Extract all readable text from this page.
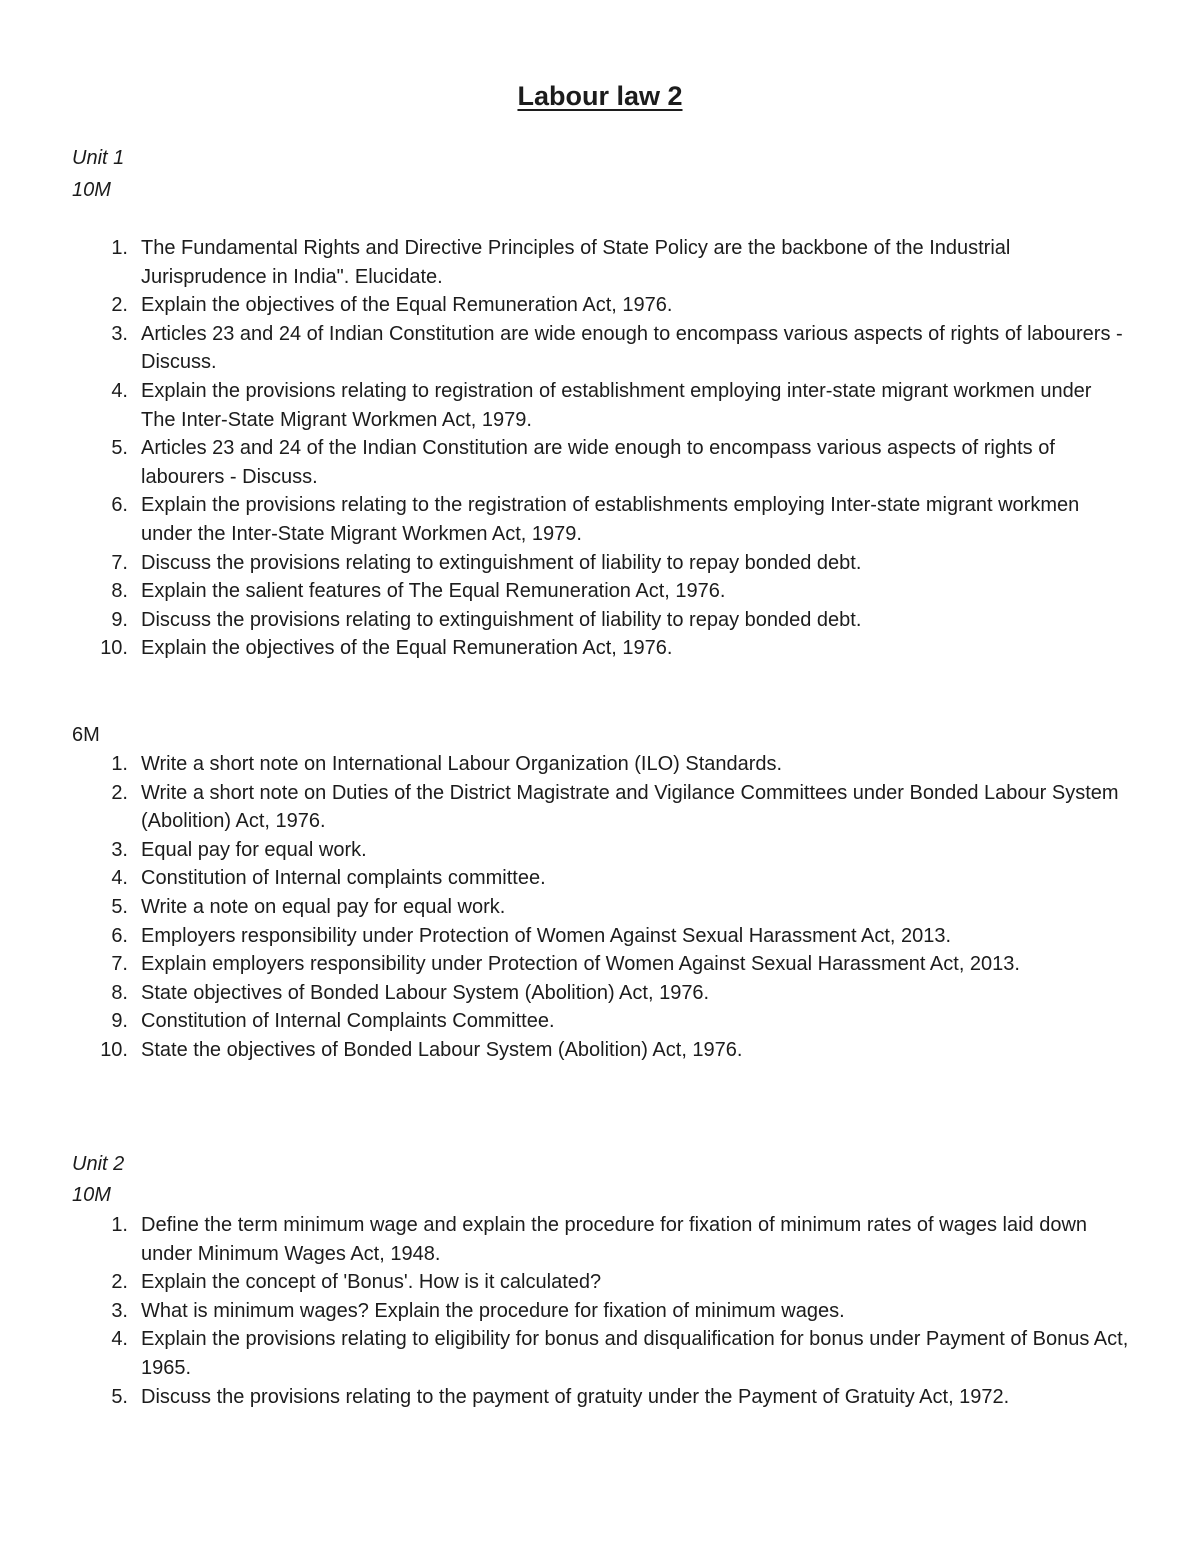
Labour law 2
Unit 1
10M
1. The Fundamental Rights and Directive Principles of State Policy are the backbone of the Industrial Jurisprudence in India". Elucidate.
2. Explain the objectives of the Equal Remuneration Act, 1976.
3. Articles 23 and 24 of Indian Constitution are wide enough to encompass various aspects of rights of labourers - Discuss.
4. Explain the provisions relating to registration of establishment employing inter-state migrant workmen under The Inter-State Migrant Workmen Act, 1979.
5. Articles 23 and 24 of the Indian Constitution are wide enough to encompass various aspects of rights of labourers - Discuss.
6. Explain the provisions relating to the registration of establishments employing Inter-state migrant workmen under the Inter-State Migrant Workmen Act, 1979.
7. Discuss the provisions relating to extinguishment of liability to repay bonded debt.
8. Explain the salient features of The Equal Remuneration Act, 1976.
9. Discuss the provisions relating to extinguishment of liability to repay bonded debt.
10. Explain the objectives of the Equal Remuneration Act, 1976.
6M
1. Write a short note on International Labour Organization (ILO) Standards.
2. Write a short note on Duties of the District Magistrate and Vigilance Committees under Bonded Labour System (Abolition) Act, 1976.
3. Equal pay for equal work.
4. Constitution of Internal complaints committee.
5. Write a note on equal pay for equal work.
6. Employers responsibility under Protection of Women Against Sexual Harassment Act, 2013.
7. Explain employers responsibility under Protection of Women Against Sexual Harassment Act, 2013.
8. State objectives of Bonded Labour System (Abolition) Act, 1976.
9. Constitution of Internal Complaints Committee.
10. State the objectives of Bonded Labour System (Abolition) Act, 1976.
Unit 2
10M
1. Define the term minimum wage and explain the procedure for fixation of minimum rates of wages laid down under Minimum Wages Act, 1948.
2. Explain the concept of 'Bonus'. How is it calculated?
3. What is minimum wages? Explain the procedure for fixation of minimum wages.
4. Explain the provisions relating to eligibility for bonus and disqualification for bonus under Payment of Bonus Act, 1965.
5. Discuss the provisions relating to the payment of gratuity under the Payment of Gratuity Act, 1972.
